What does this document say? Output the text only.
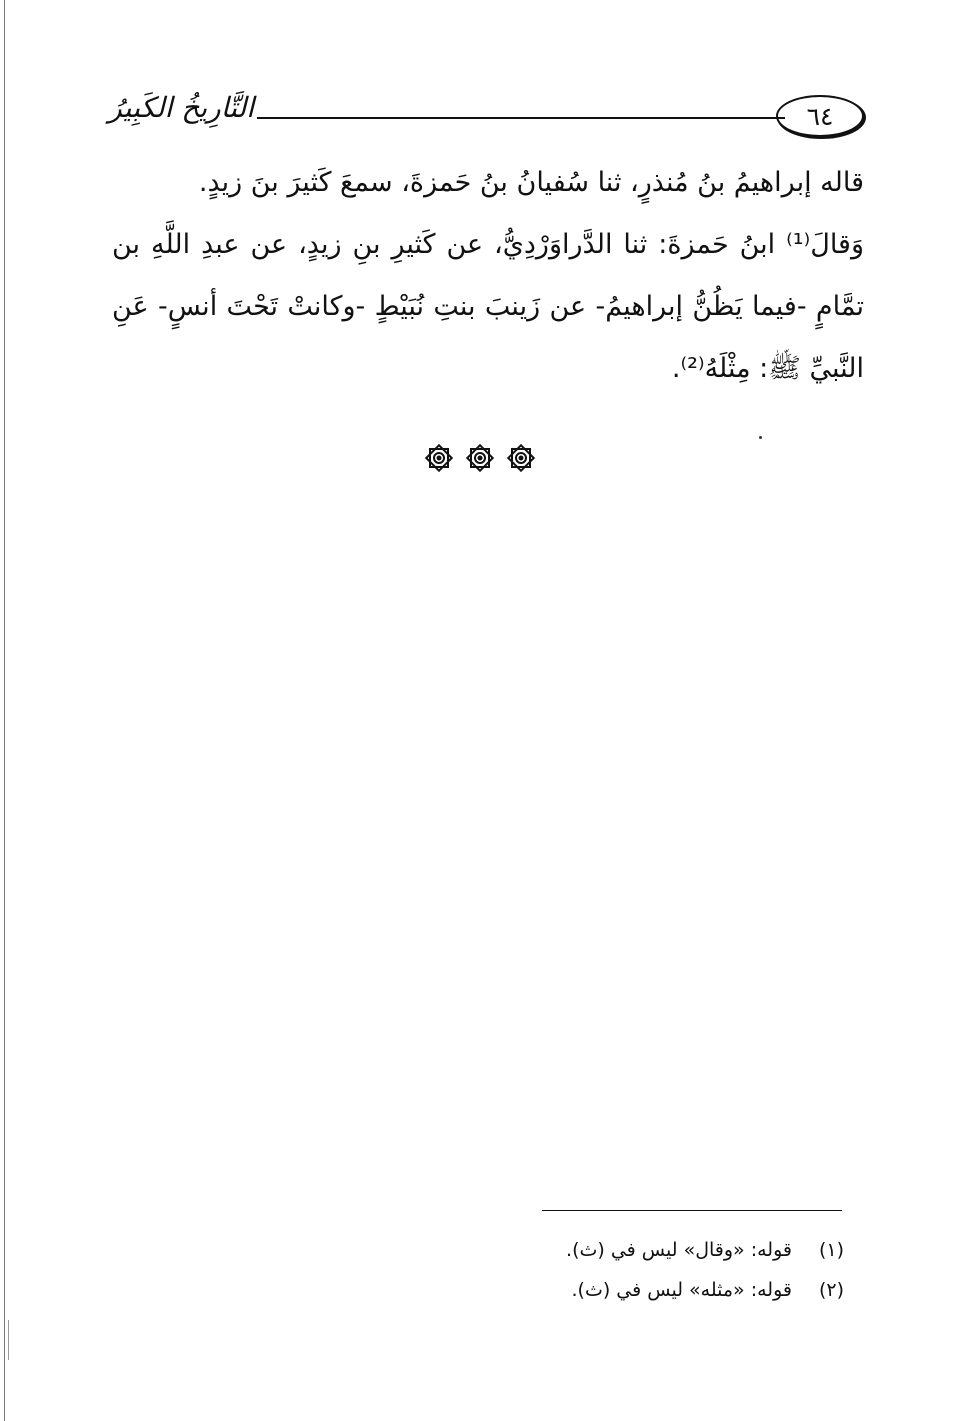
التَّارِيخُ الكَبِيرُ	٦٤

قاله إبراهيمُ بنُ مُنذرٍ، ثنا سُفيانُ بنُ حَمزةَ، سمعَ كَثيرَ بنَ زيدٍ.

وَقالَ⁽¹⁾ ابنُ حَمزةَ: ثنا الدَّراوَرْدِيُّ، عن كَثيرِ بنِ زيدٍ، عن عبدِ اللَّهِ بن تمَّامٍ -فيما يَظُنُّ إبراهيمُ- عن زَينبَ بنتِ نُبَيْطٍ -وكانتْ تَحْتَ أنسٍ- عَنِ النَّبيِّ ﷺ: مِثْلَهُ⁽²⁾.

(١)قوله: «وقال» ليس في (ث).
(٢)قوله: «مثله» ليس في (ث).
